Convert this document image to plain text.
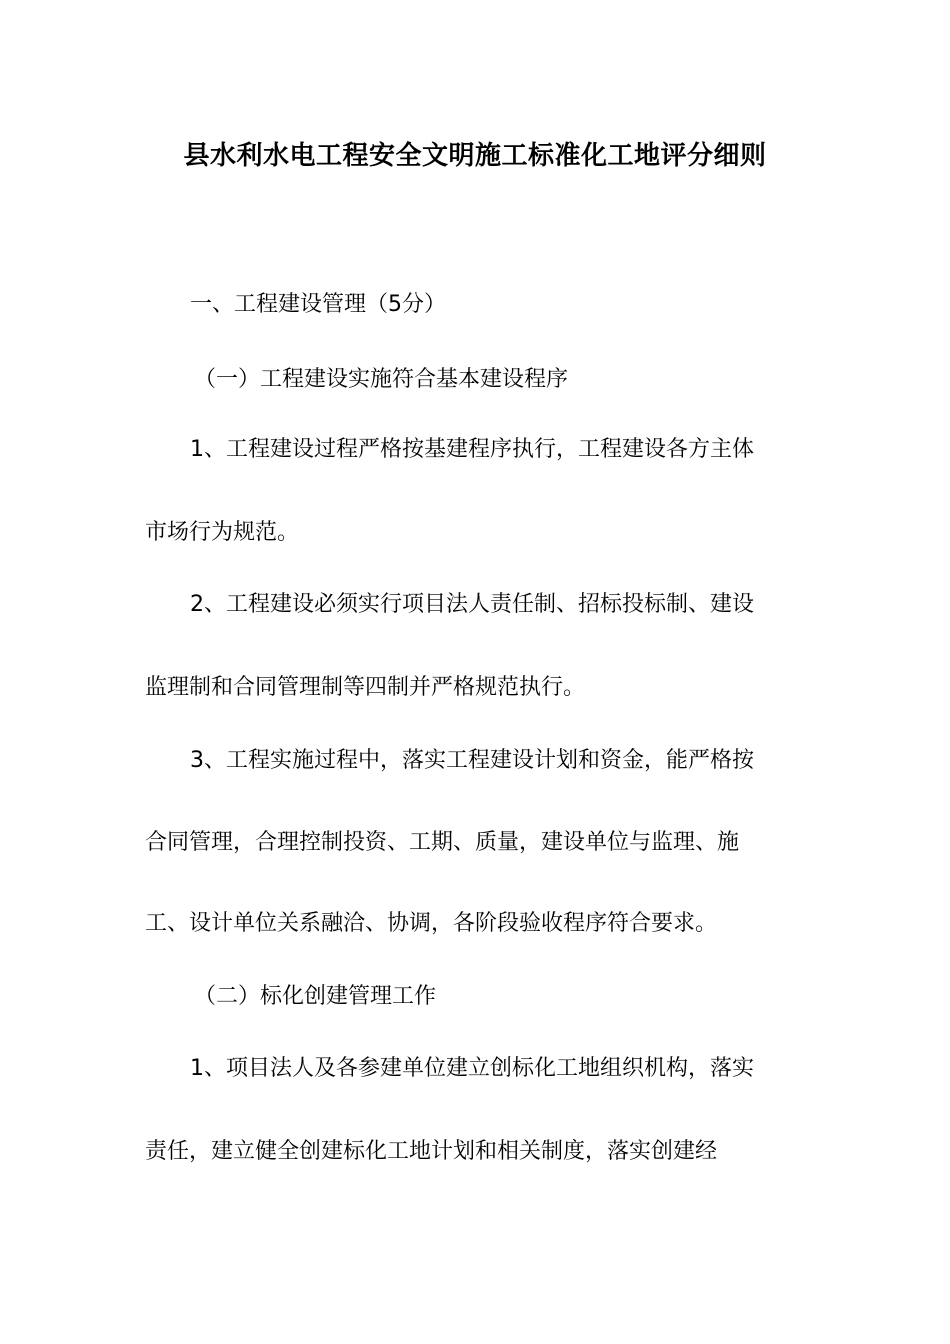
县水利水电工程安全文明施工标准化工地评分细则
一、工程建设管理（5分）
（一）工程建设实施符合基本建设程序
1、工程建设过程严格按基建程序执行，工程建设各方主体
市场行为规范。
2、工程建设必须实行项目法人责任制、招标投标制、建设
监理制和合同管理制等四制并严格规范执行。
3、工程实施过程中，落实工程建设计划和资金，能严格按
合同管理，合理控制投资、工期、质量，建设单位与监理、施
工、设计单位关系融洽、协调，各阶段验收程序符合要求。
（二）标化创建管理工作
1、项目法人及各参建单位建立创标化工地组织机构，落实
责任，建立健全创建标化工地计划和相关制度，落实创建经
